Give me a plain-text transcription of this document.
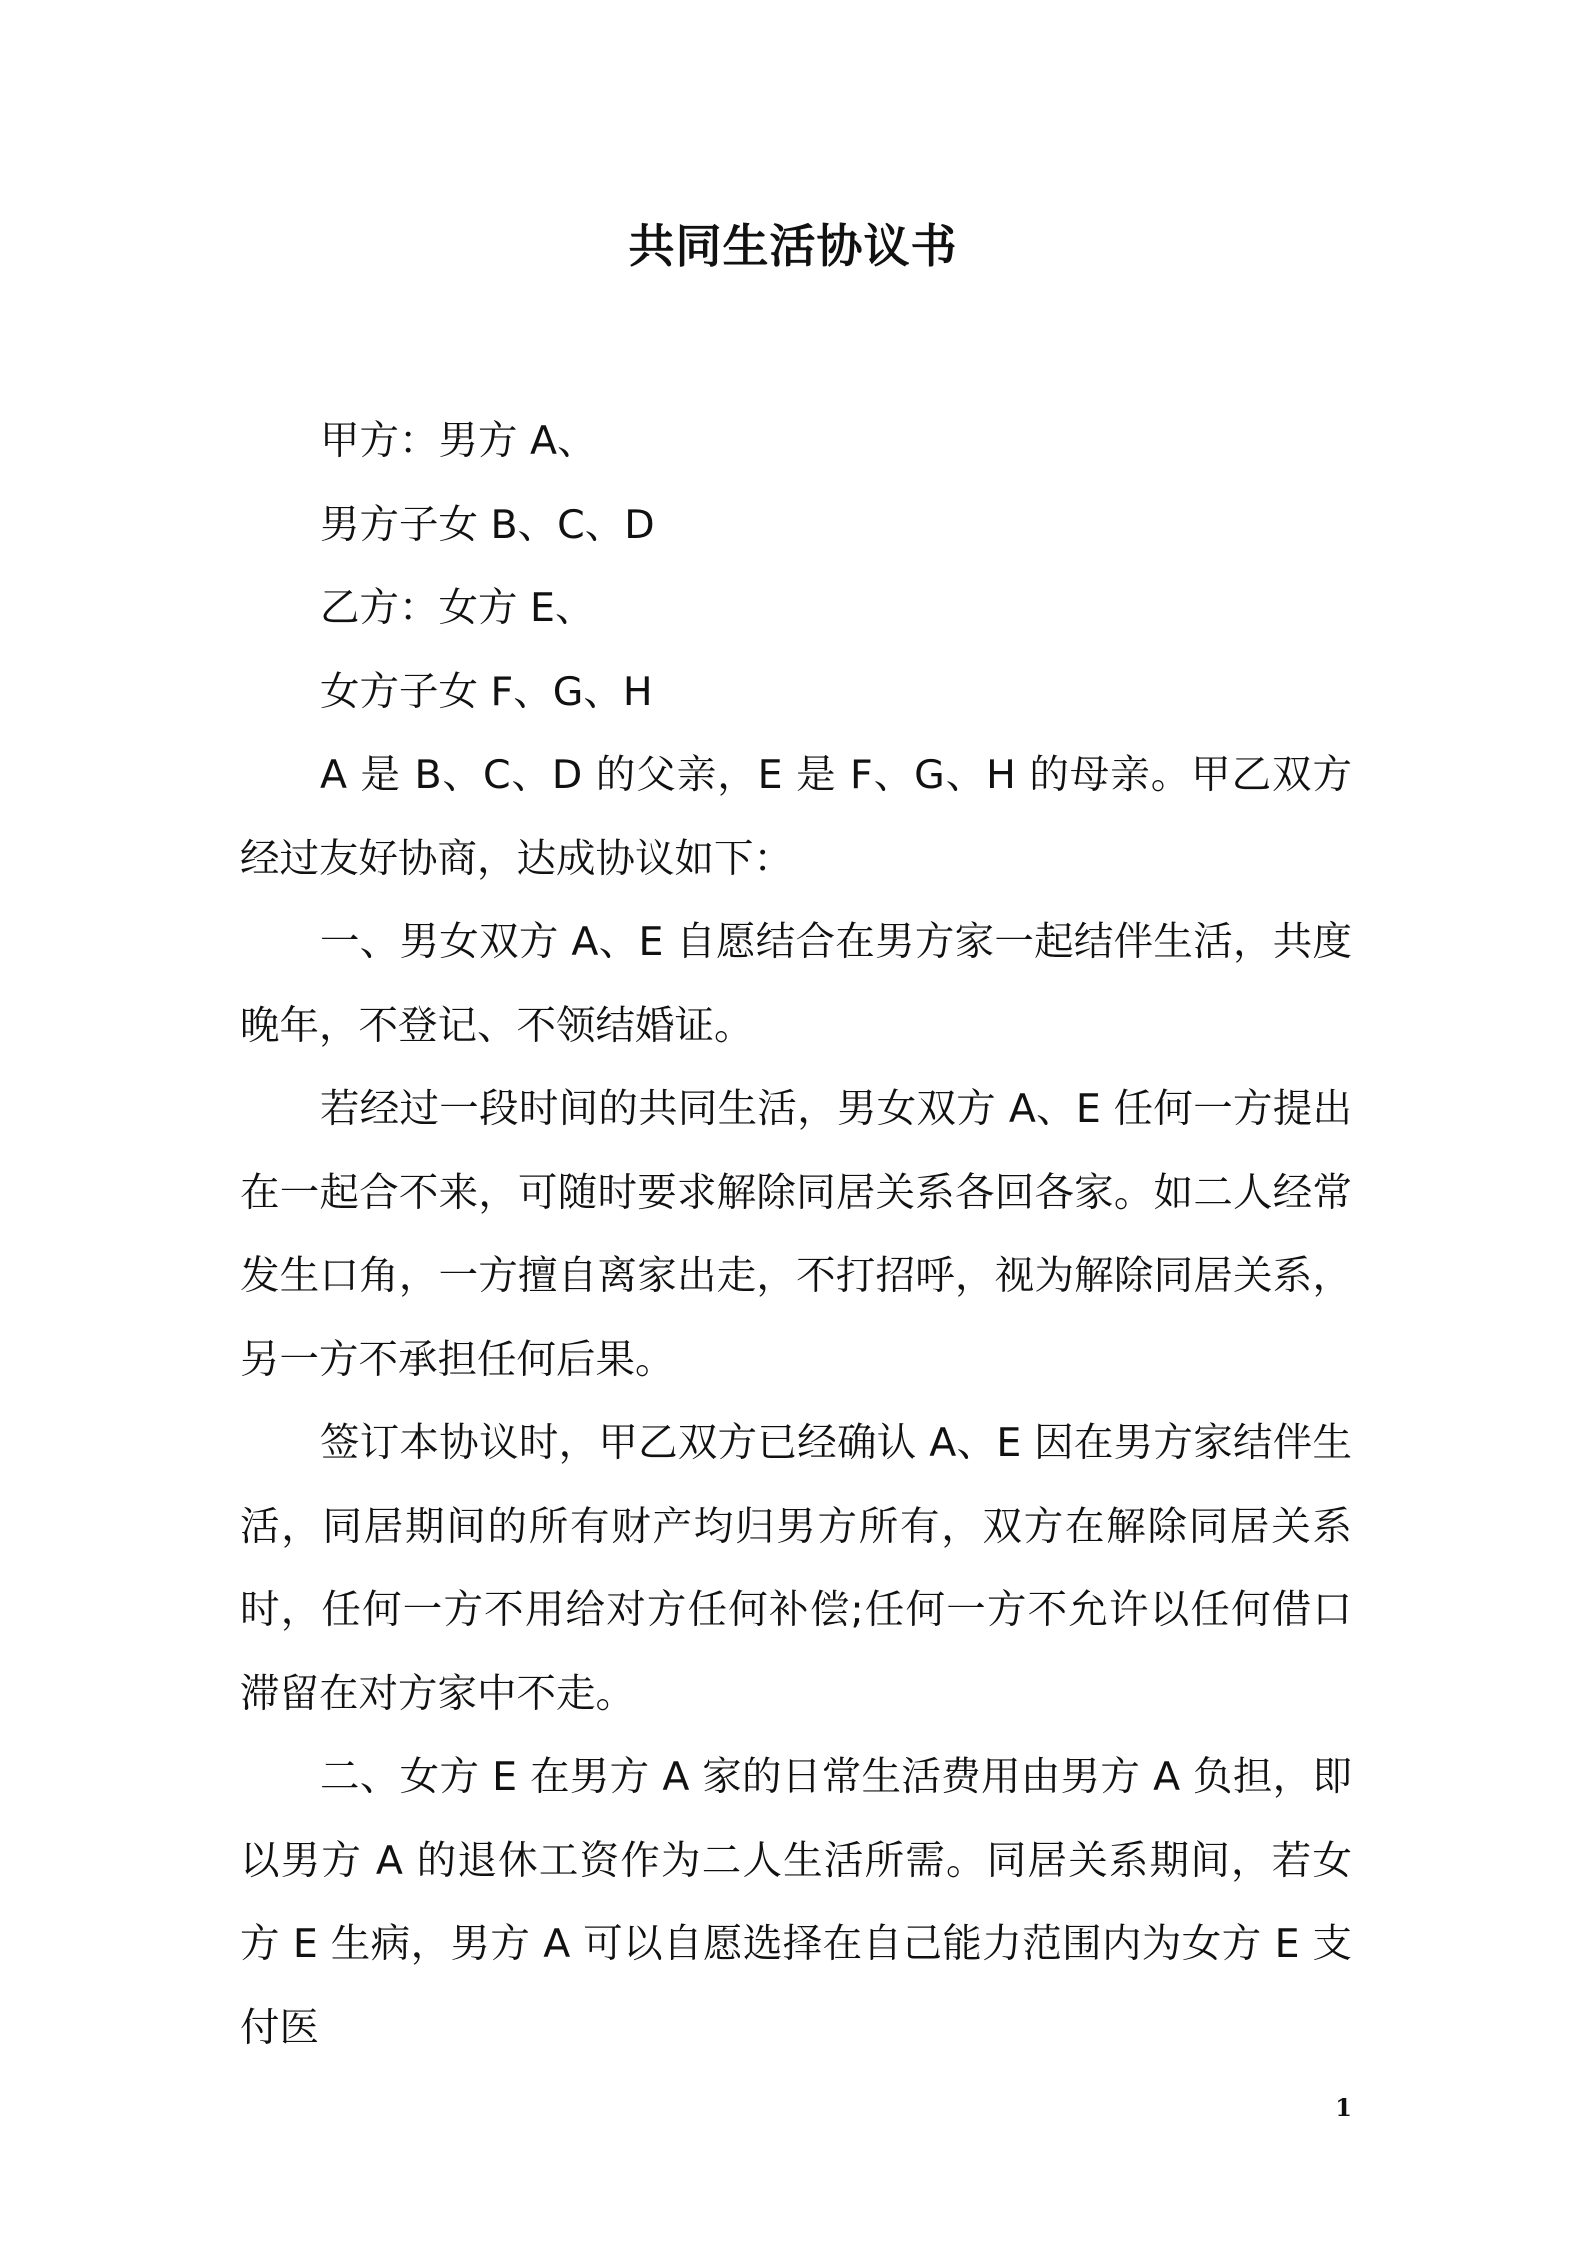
共同生活协议书

甲方：男方 A、

男方子女 B、C、D

乙方：女方 E、

女方子女 F、G、H

A 是 B、C、D 的父亲，E 是 F、G、H 的母亲。甲乙双方经过友好协商，达成协议如下：

一、男女双方 A、E 自愿结合在男方家一起结伴生活，共度晚年，不登记、不领结婚证。

若经过一段时间的共同生活，男女双方 A、E 任何一方提出在一起合不来，可随时要求解除同居关系各回各家。如二人经常发生口角，一方擅自离家出走，不打招呼，视为解除同居关系，另一方不承担任何后果。

签订本协议时，甲乙双方已经确认 A、E 因在男方家结伴生活，同居期间的所有财产均归男方所有，双方在解除同居关系时，任何一方不用给对方任何补偿;任何一方不允许以任何借口滞留在对方家中不走。

二、女方 E 在男方 A 家的日常生活费用由男方 A 负担，即以男方 A 的退休工资作为二人生活所需。同居关系期间，若女方 E 生病，男方 A 可以自愿选择在自己能力范围内为女方 E 支付医

1
